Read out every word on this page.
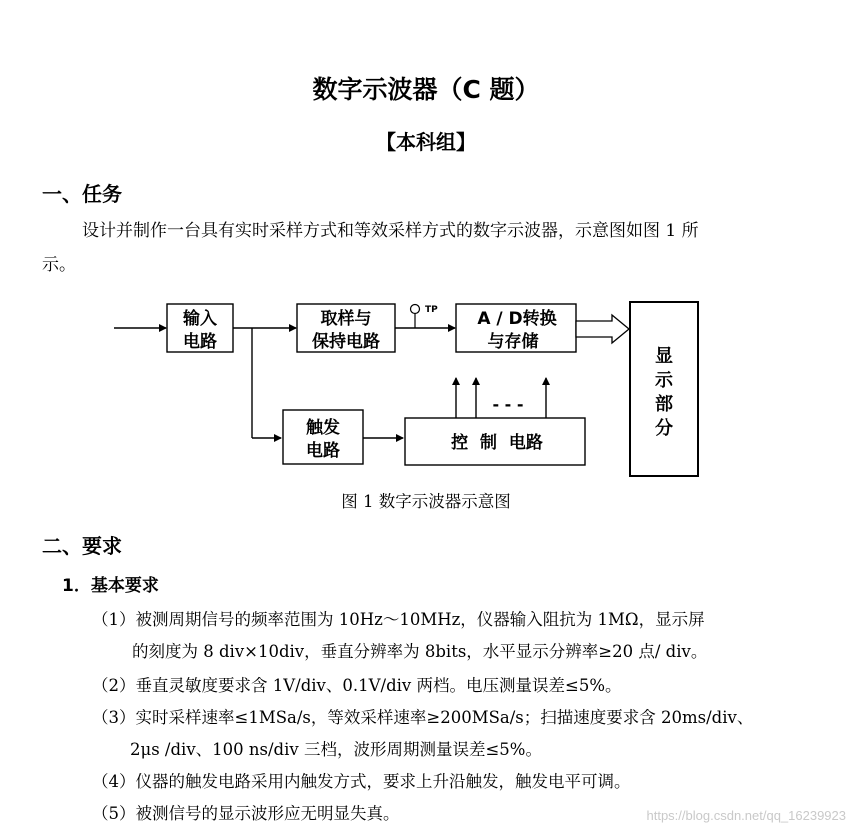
数字示波器（C 题）
【本科组】
一、任务
设计并制作一台具有实时采样方式和等效采样方式的数字示波器，示意图如图 1 所
示。
输入
电路
取样与
保持电路
TP A / D转换
与存储
显
示
部
分
触发
电路	控  制  电路
- - -
图 1 数字示波器示意图
二、要求
1．基本要求
（1）被测周期信号的频率范围为 10Hz～10MHz，仪器输入阻抗为 1MΩ，显示屏
的刻度为 8 div×10div，垂直分辨率为 8bits，水平显示分辨率≥20 点/ div。
（2）垂直灵敏度要求含 1V/div、0.1V/div 两档。电压测量误差≤5%。
（3）实时采样速率≤1MSa/s，等效采样速率≥200MSa/s；扫描速度要求含 20ms/div、
2μs /div、100 ns/div 三档，波形周期测量误差≤5%。
（4）仪器的触发电路采用内触发方式，要求上升沿触发，触发电平可调。
（5）被测信号的显示波形应无明显失真。	https://blog.csdn.net/qq_16239923
